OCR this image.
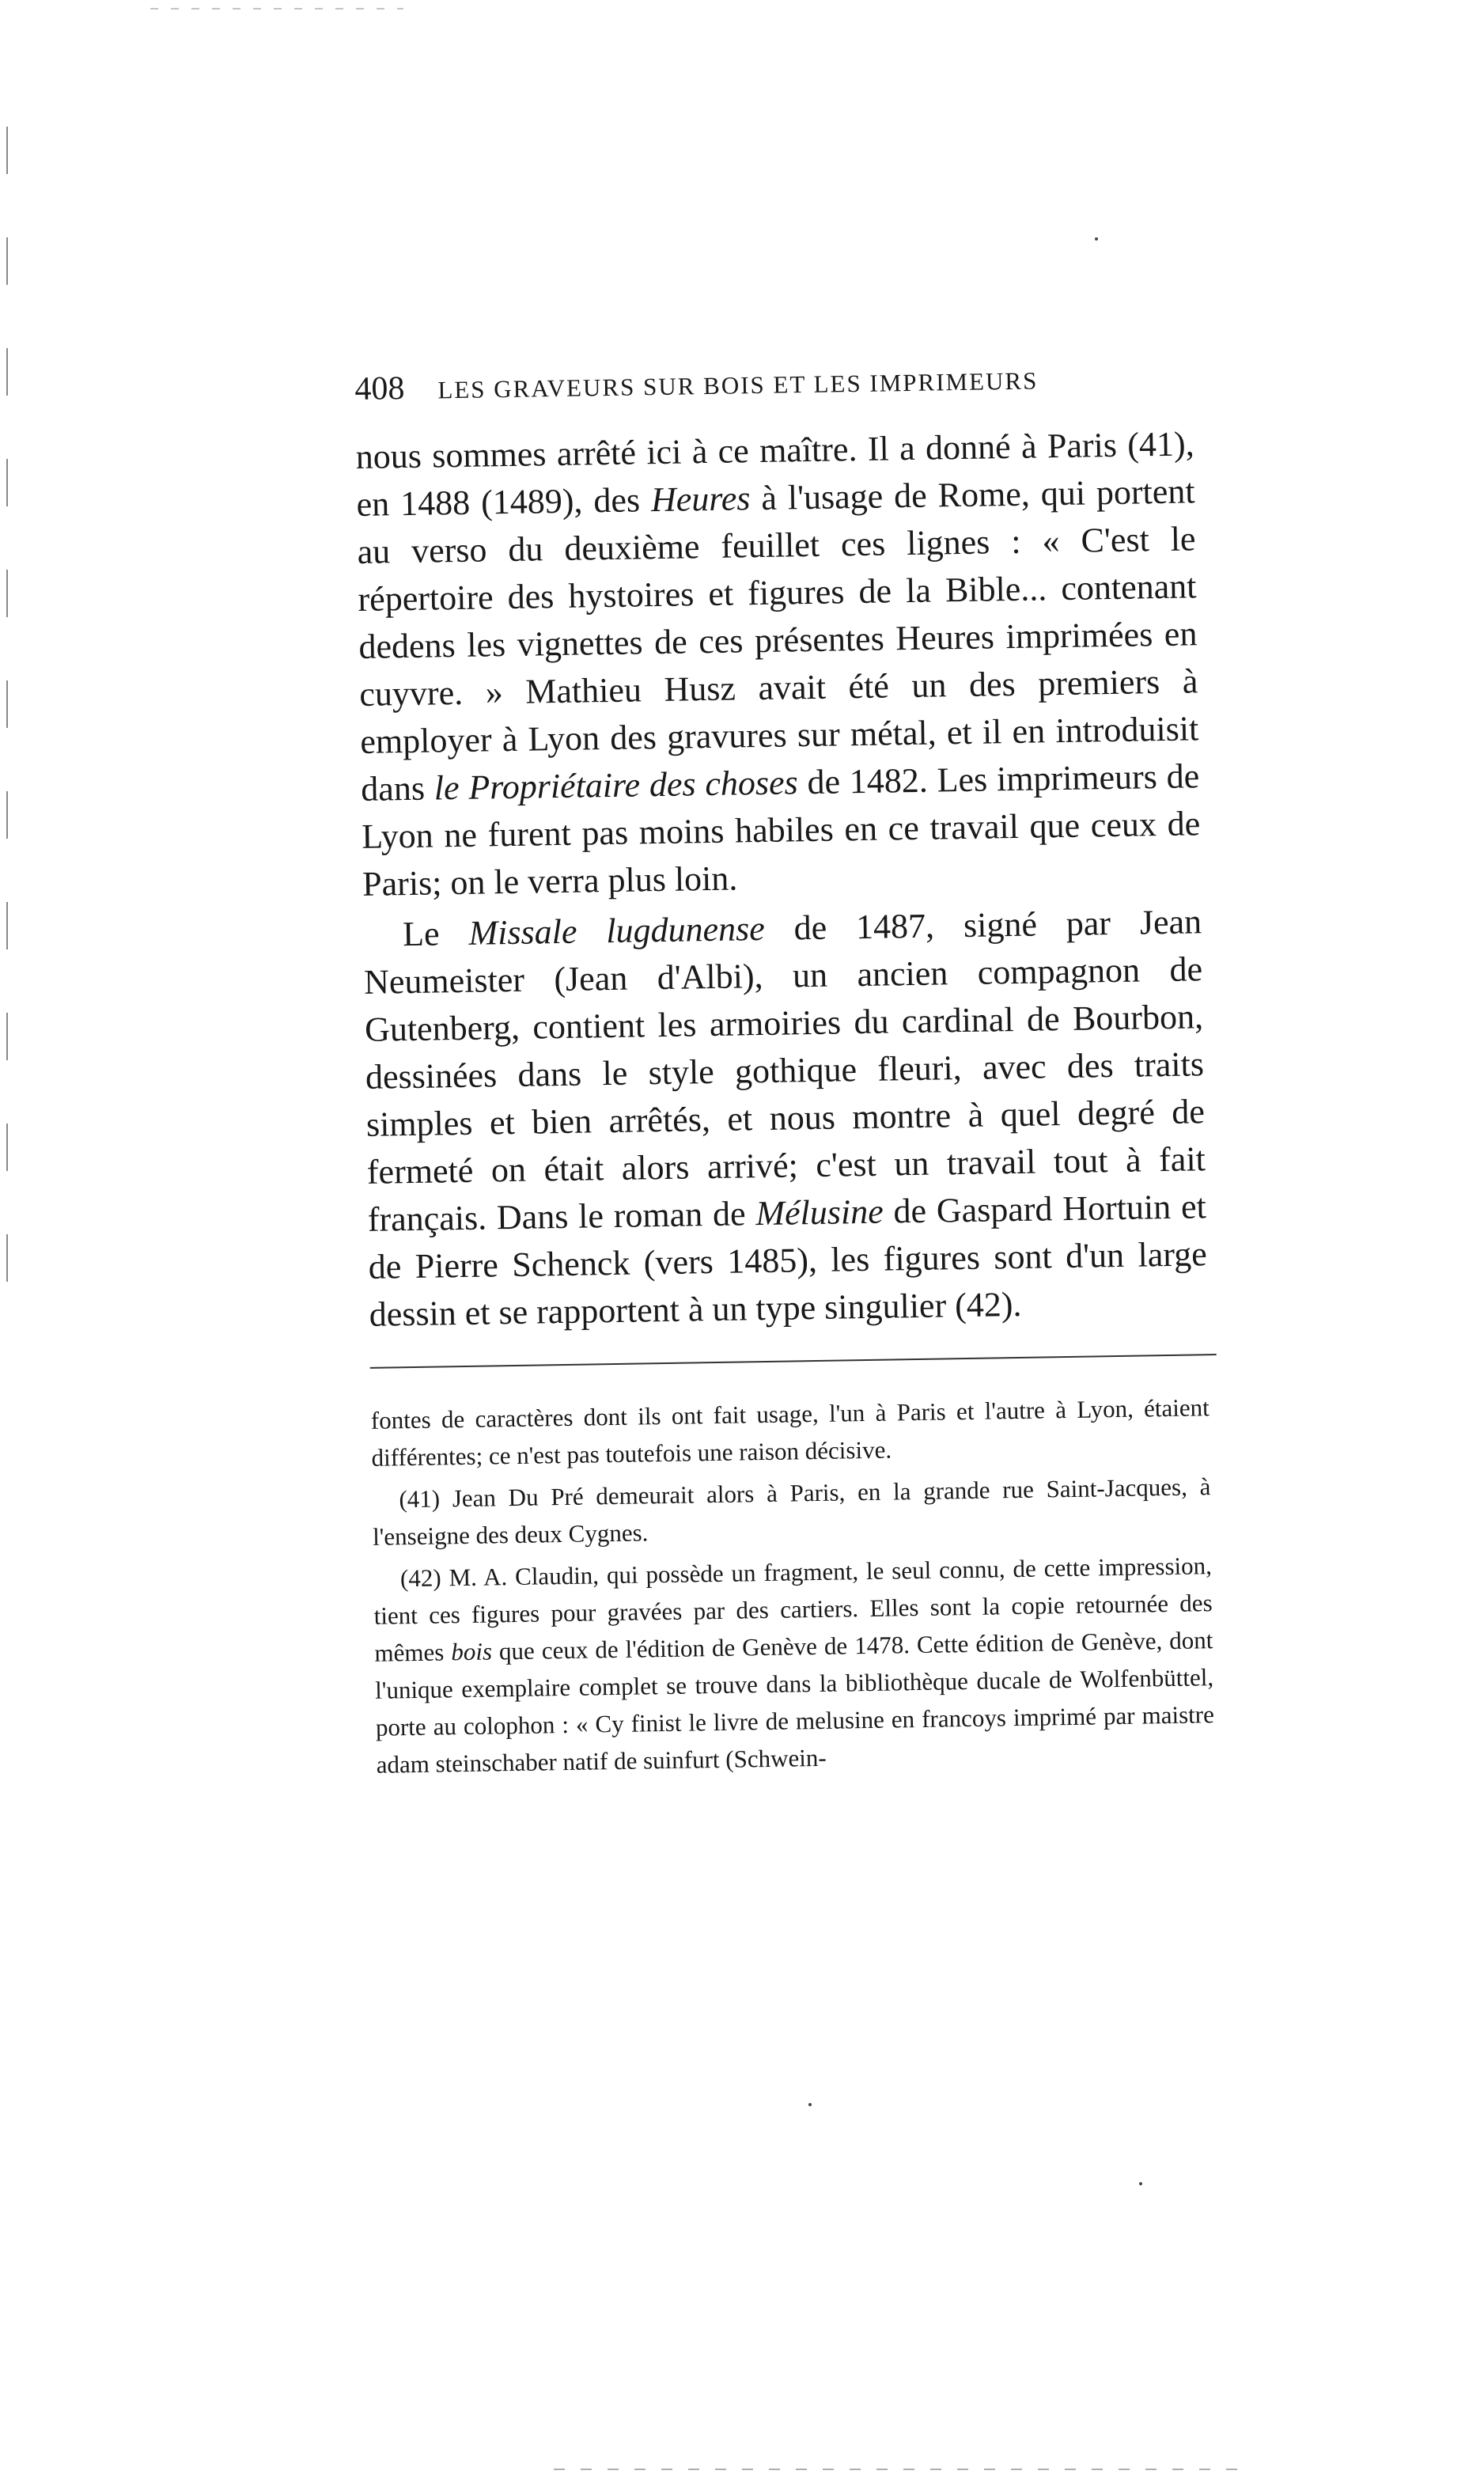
408 LES GRAVEURS SUR BOIS ET LES IMPRIMEURS

nous sommes arrêté ici à ce maître. Il a donné à Paris (41), en 1488 (1489), des Heures à l'usage de Rome, qui portent au verso du deuxième feuillet ces lignes : « C'est le répertoire des hystoires et figures de la Bible... contenant dedens les vignettes de ces présentes Heures imprimées en cuyvre. » Mathieu Husz avait été un des premiers à employer à Lyon des gravures sur métal, et il en introduisit dans le Propriétaire des choses de 1482. Les imprimeurs de Lyon ne furent pas moins habiles en ce travail que ceux de Paris; on le verra plus loin.

Le Missale lugdunense de 1487, signé par Jean Neumeister (Jean d'Albi), un ancien compagnon de Gutenberg, contient les armoiries du cardinal de Bourbon, dessinées dans le style gothique fleuri, avec des traits simples et bien arrêtés, et nous montre à quel degré de fermeté on était alors arrivé; c'est un travail tout à fait français. Dans le roman de Mélusine de Gaspard Hortuin et de Pierre Schenck (vers 1485), les figures sont d'un large dessin et se rapportent à un type singulier (42).

fontes de caractères dont ils ont fait usage, l'un à Paris et l'autre à Lyon, étaient différentes; ce n'est pas toutefois une raison décisive.

(41) Jean Du Pré demeurait alors à Paris, en la grande rue Saint-Jacques, à l'enseigne des deux Cygnes.

(42) M. A. Claudin, qui possède un fragment, le seul connu, de cette impression, tient ces figures pour gravées par des cartiers. Elles sont la copie retournée des mêmes bois que ceux de l'édition de Genève de 1478. Cette édition de Genève, dont l'unique exemplaire complet se trouve dans la bibliothèque ducale de Wolfenbüttel, porte au colophon : « Cy finist le livre de melusine en francoys imprimé par maistre adam steinschaber natif de suinfurt (Schwein-
